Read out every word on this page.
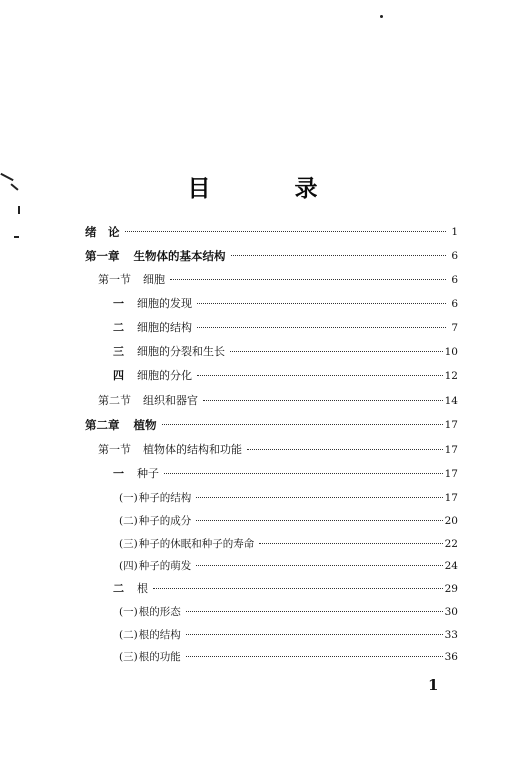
目 录
绪　论	1
第一章 生物体的基本结构	6
第一节 细胞	6
一 细胞的发现	6
二 细胞的结构	7
三 细胞的分裂和生长	10
四 细胞的分化	12
第二节 组织和器官	14
第二章 植物	17
第一节 植物体的结构和功能	17
一 种子	17
(一) 种子的结构	17
(二) 种子的成分	20
(三) 种子的休眠和种子的寿命	22
(四) 种子的萌发	24
二 根	29
(一) 根的形态	30
(二) 根的结构	33
(三) 根的功能	36
1
